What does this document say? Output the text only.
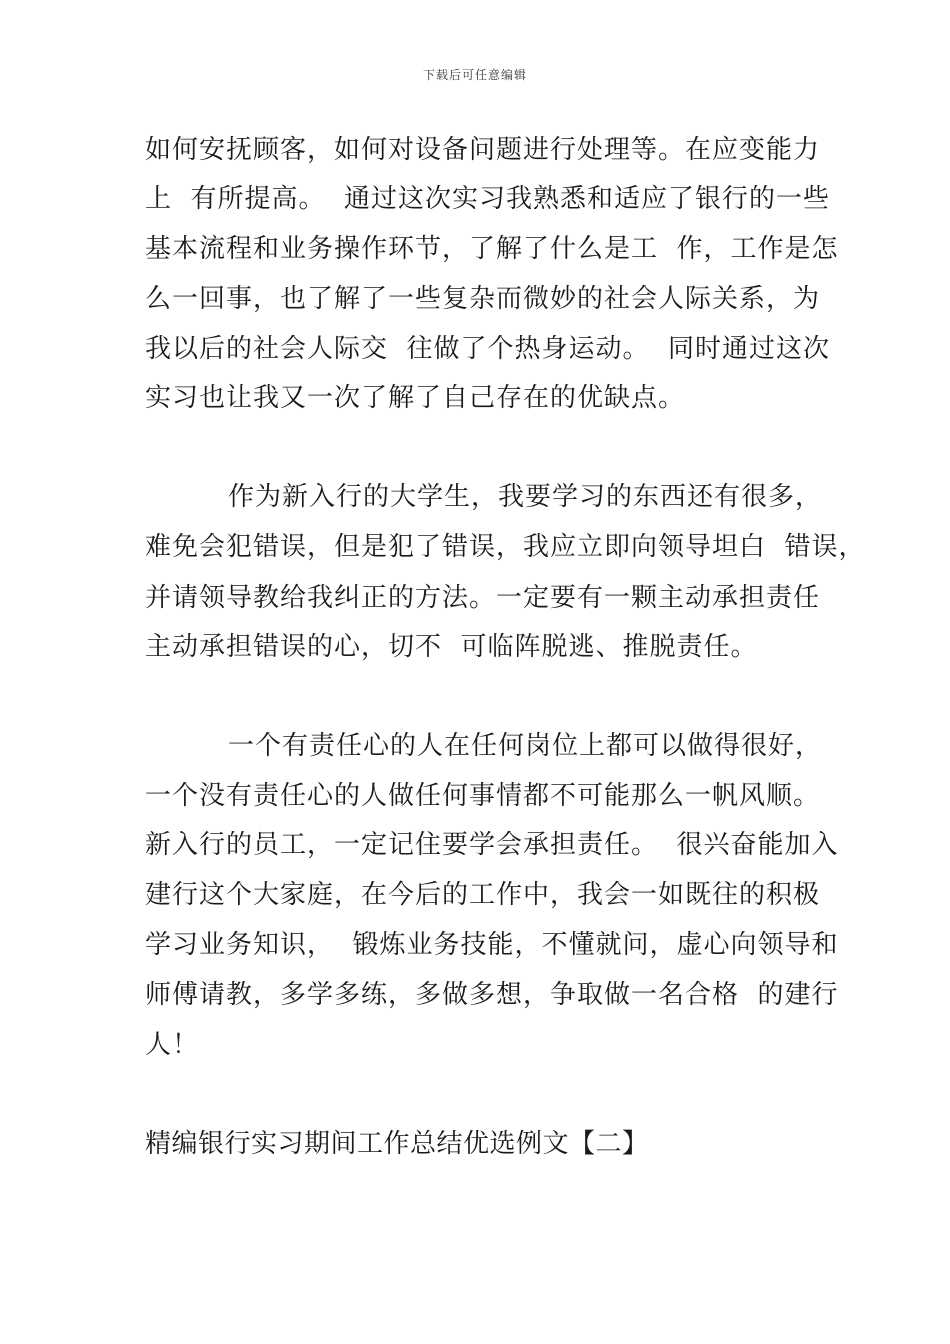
下载后可任意编辑
如何安抚顾客，如何对设备问题进行处理等。在应变能力
上  有所提高。  通过这次实习我熟悉和适应了银行的一些
基本流程和业务操作环节，了解了什么是工  作，工作是怎
么一回事，也了解了一些复杂而微妙的社会人际关系，为
我以后的社会人际交  往做了个热身运动。  同时通过这次
实习也让我又一次了解了自己存在的优缺点。
作为新入行的大学生，我要学习的东西还有很多，
难免会犯错误，但是犯了错误，我应立即向领导坦白  错误，
并请领导教给我纠正的方法。一定要有一颗主动承担责任
主动承担错误的心，切不  可临阵脱逃、推脱责任。
一个有责任心的人在任何岗位上都可以做得很好，
一个没有责任心的人做任何事情都不可能那么一帆风顺。
新入行的员工，一定记住要学会承担责任。  很兴奋能加入
建行这个大家庭，在今后的工作中，我会一如既往的积极
学习业务知识，  锻炼业务技能，不懂就问，虚心向领导和
师傅请教，多学多练，多做多想，争取做一名合格  的建行
人！
精编银行实习期间工作总结优选例文【二】
